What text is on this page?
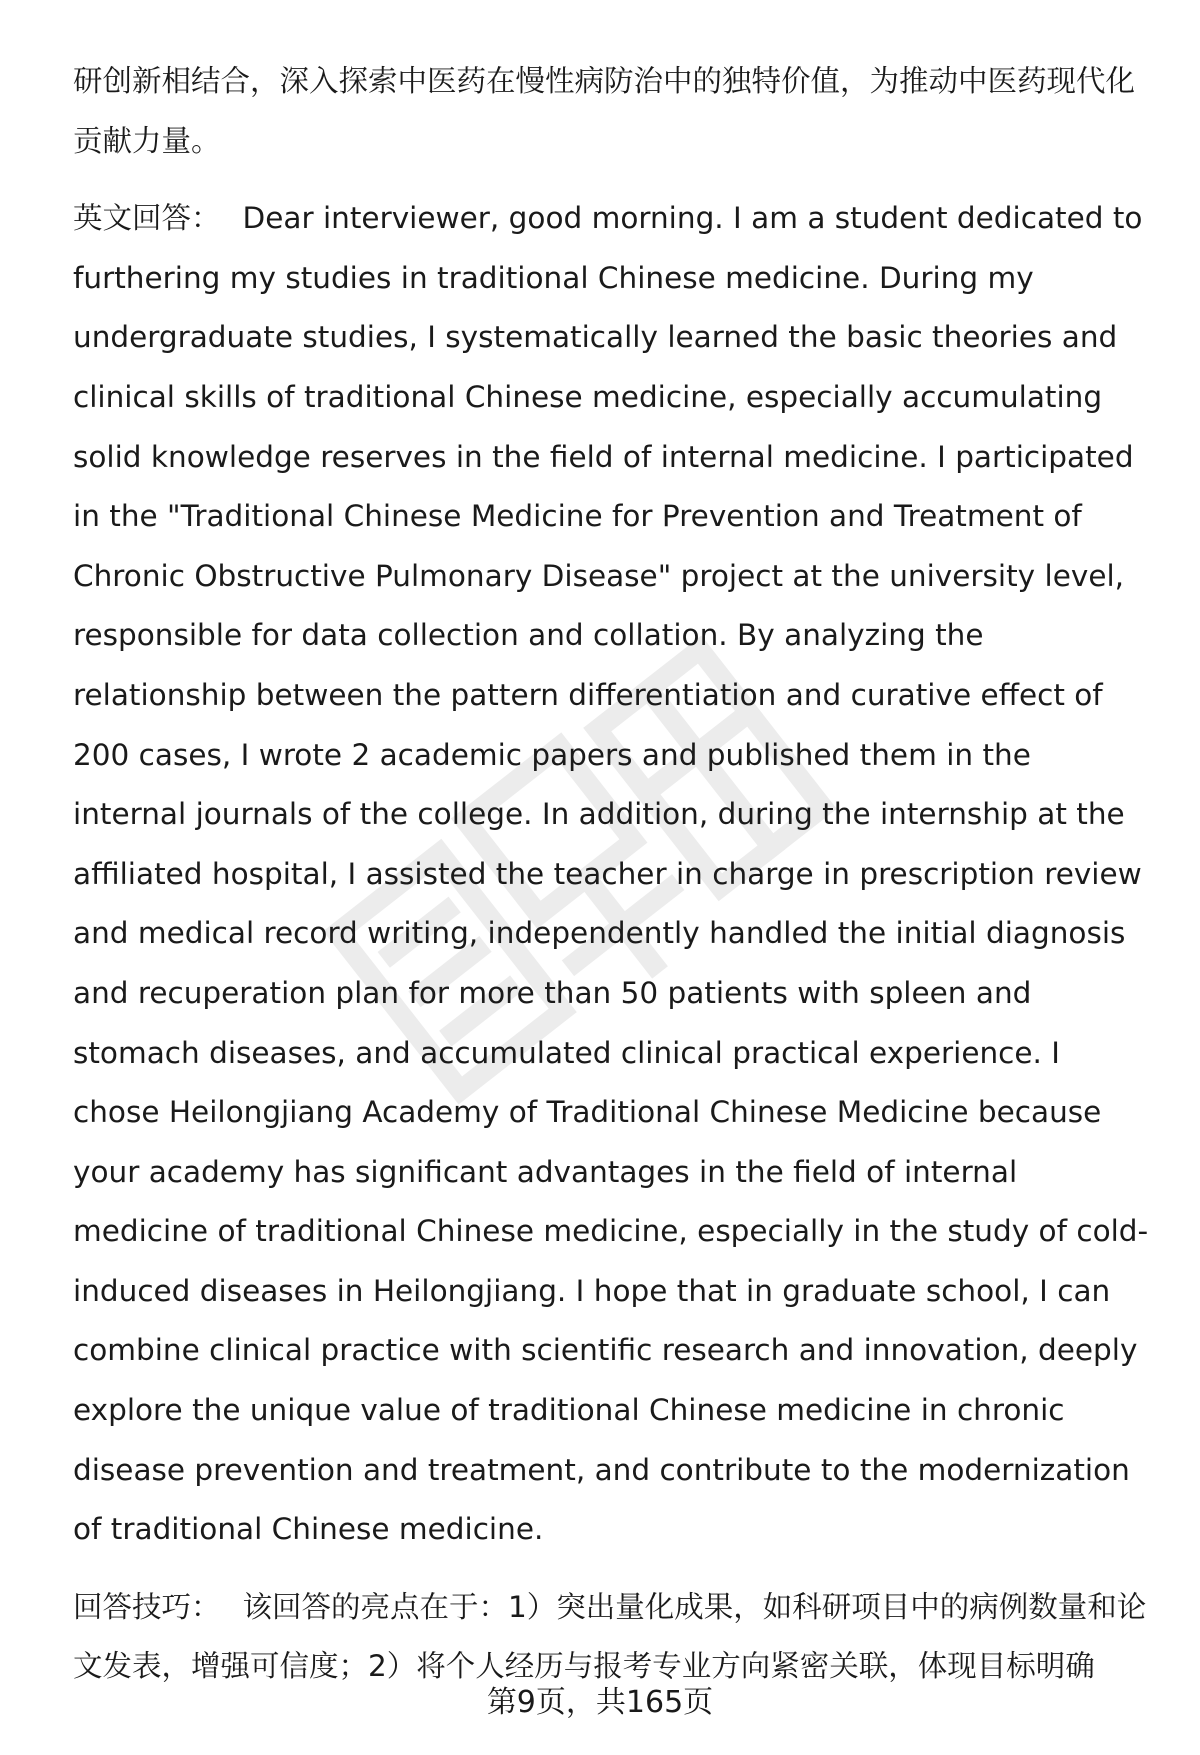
研创新相结合，深入探索中医药在慢性病防治中的独特价值，为推动中医药现代化贡献力量。

英文回答： Dear interviewer, good morning. I am a student dedicated to furthering my studies in traditional Chinese medicine. During my undergraduate studies, I systematically learned the basic theories and clinical skills of traditional Chinese medicine, especially accumulating solid knowledge reserves in the field of internal medicine. I participated in the "Traditional Chinese Medicine for Prevention and Treatment of Chronic Obstructive Pulmonary Disease" project at the university level, responsible for data collection and collation. By analyzing the relationship between the pattern differentiation and curative effect of 200 cases, I wrote 2 academic papers and published them in the internal journals of the college. In addition, during the internship at the affiliated hospital, I assisted the teacher in charge in prescription review and medical record writing, independently handled the initial diagnosis and recuperation plan for more than 50 patients with spleen and stomach diseases, and accumulated clinical practical experience. I chose Heilongjiang Academy of Traditional Chinese Medicine because your academy has significant advantages in the field of internal medicine of traditional Chinese medicine, especially in the study of cold-induced diseases in Heilongjiang. I hope that in graduate school, I can combine clinical practice with scientific research and innovation, deeply explore the unique value of traditional Chinese medicine in chronic disease prevention and treatment, and contribute to the modernization of traditional Chinese medicine.

回答技巧： 该回答的亮点在于：1）突出量化成果，如科研项目中的病例数量和论文发表，增强可信度；2）将个人经历与报考专业方向紧密关联，体现目标明确

第9页，共165页
